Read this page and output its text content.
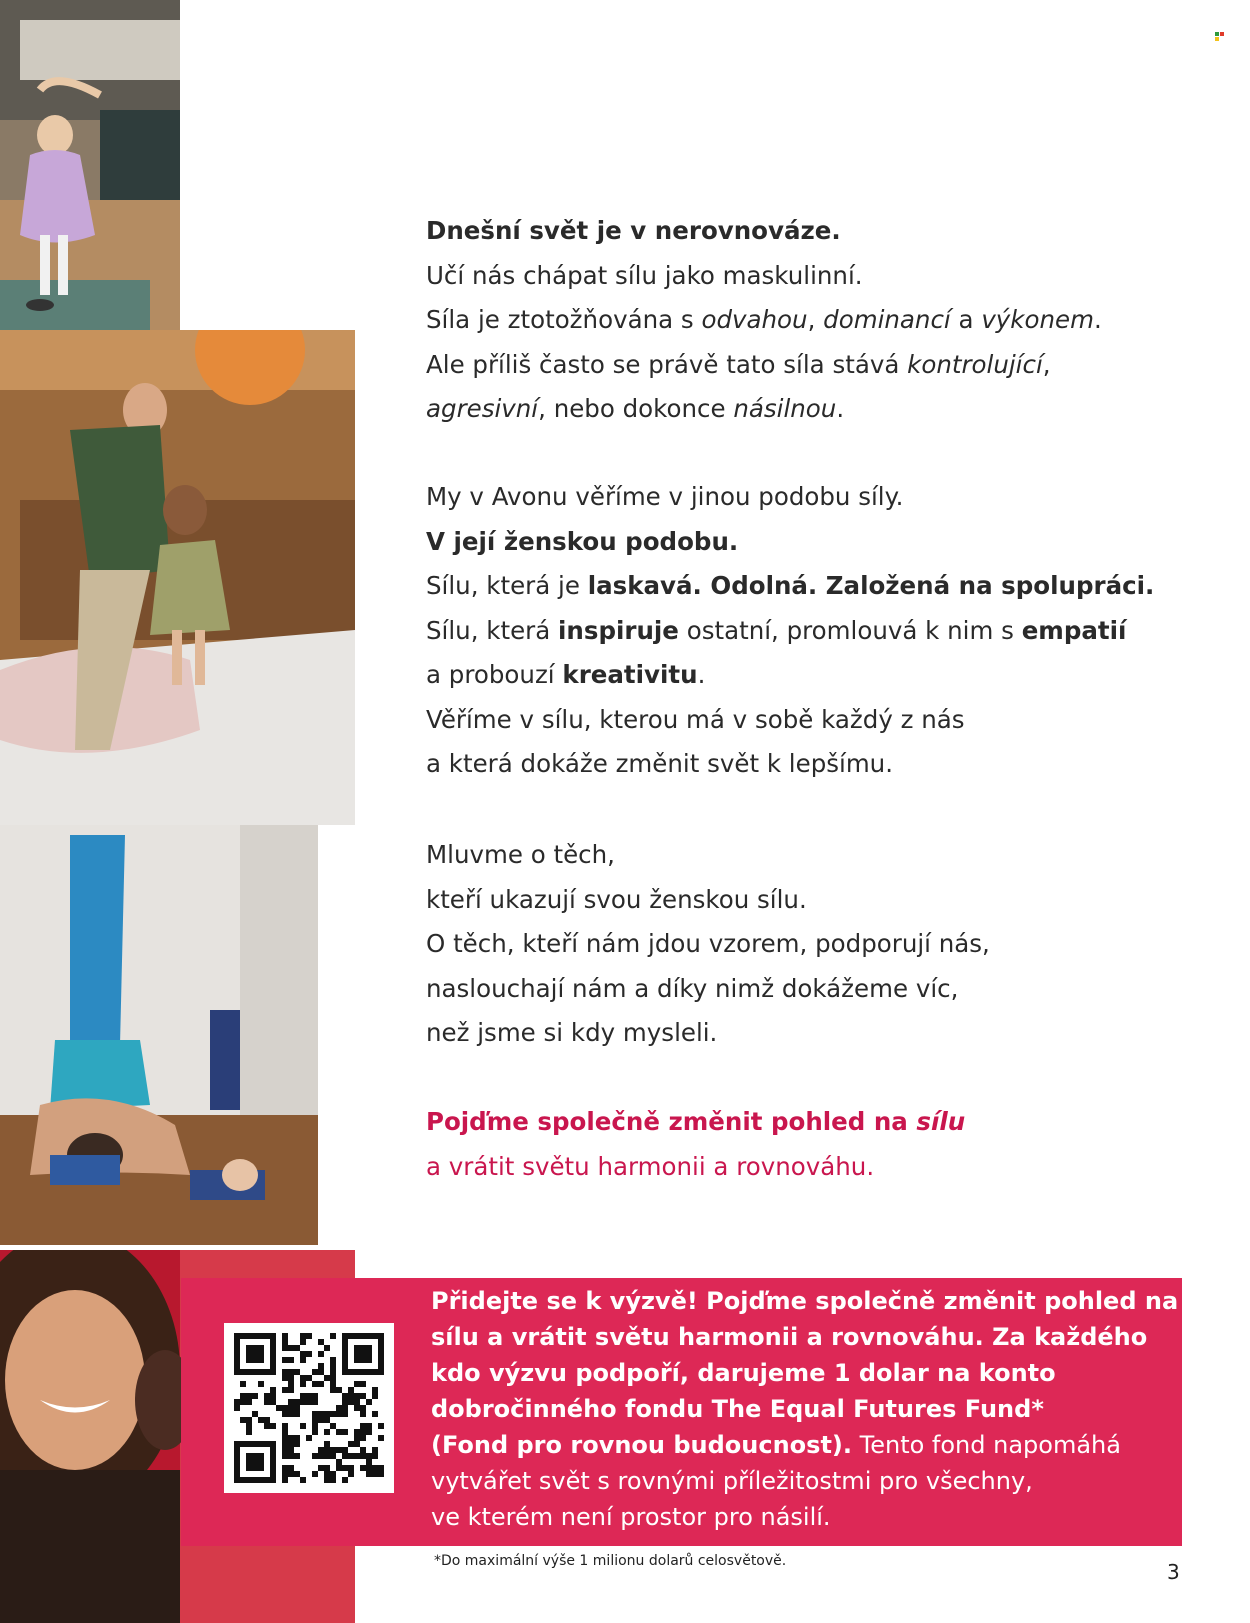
Dnešní svět je v nerovnováze.

Učí nás chápat sílu jako maskulinní.

Síla je ztotožňována s odvahou, dominancí a výkonem.

Ale příliš často se právě tato síla stává kontrolující,

agresivní, nebo dokonce násilnou.

My v Avonu věříme v jinou podobu síly.

V její ženskou podobu.

Sílu, která je laskavá. Odolná. Založená na spolupráci.

Sílu, která inspiruje ostatní, promlouvá k nim s empatií

a probouzí kreativitu.

Věříme v sílu, kterou má v sobě každý z nás

a která dokáže změnit svět k lepšímu.

Mluvme o těch,

kteří ukazují svou ženskou sílu.

O těch, kteří nám jdou vzorem, podporují nás,

naslouchají nám a díky nimž dokážeme víc,

než jsme si kdy mysleli.

Pojďme společně změnit pohled na sílu

a vrátit světu harmonii a rovnováhu.

Přidejte se k výzvě! Pojďme společně změnit pohled na

sílu a vrátit světu harmonii a rovnováhu. Za každého

kdo výzvu podpoří, darujeme 1 dolar na konto

dobročinného fondu The Equal Futures Fund*

(Fond pro rovnou budoucnost). Tento fond napomáhá

vytvářet svět s rovnými příležitostmi pro všechny,

ve kterém není prostor pro násilí.

*Do maximální výše 1 milionu dolarů celosvětově.	3
